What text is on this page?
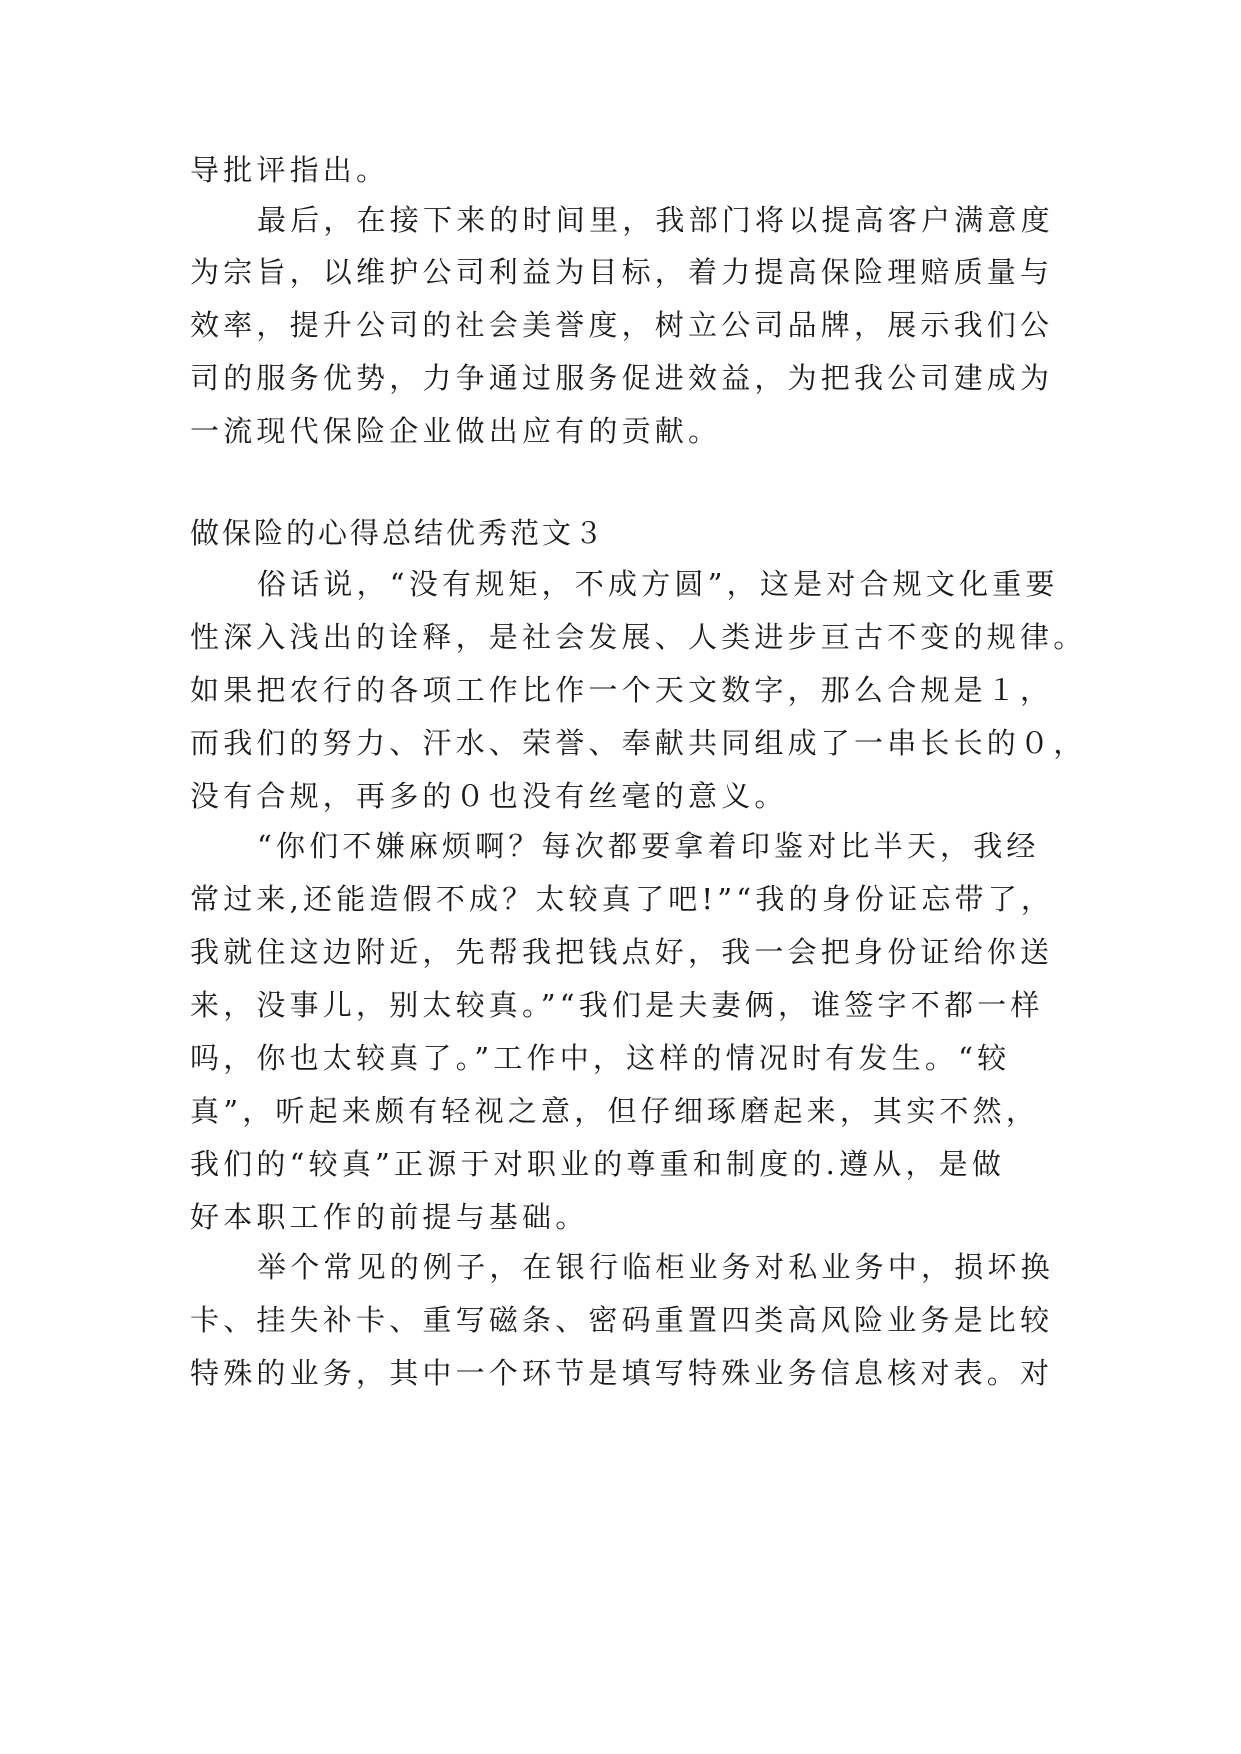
导批评指出。
最后，在接下来的时间里，我部门将以提高客户满意度
为宗旨，以维护公司利益为目标，着力提高保险理赔质量与
效率，提升公司的社会美誉度，树立公司品牌，展示我们公
司的服务优势，力争通过服务促进效益，为把我公司建成为
一流现代保险企业做出应有的贡献。
做保险的心得总结优秀范文３
俗话说，“没有规矩，不成方圆”，这是对合规文化重要
性深入浅出的诠释，是社会发展、人类进步亘古不变的规律。
如果把农行的各项工作比作一个天文数字，那么合规是１，
而我们的努力、汗水、荣誉、奉献共同组成了一串长长的０，
没有合规，再多的０也没有丝毫的意义。
“你们不嫌麻烦啊？每次都要拿着印鉴对比半天，我经
常过来,还能造假不成？太较真了吧!”“我的身份证忘带了，
我就住这边附近，先帮我把钱点好，我一会把身份证给你送
来，没事儿，别太较真。”“我们是夫妻俩，谁签字不都一样
吗，你也太较真了。”工作中，这样的情况时有发生。“较
真”，听起来颇有轻视之意，但仔细琢磨起来，其实不然，
我们的“较真”正源于对职业的尊重和制度的.遵从，是做
好本职工作的前提与基础。
举个常见的例子，在银行临柜业务对私业务中，损坏换
卡、挂失补卡、重写磁条、密码重置四类高风险业务是比较
特殊的业务，其中一个环节是填写特殊业务信息核对表。对
